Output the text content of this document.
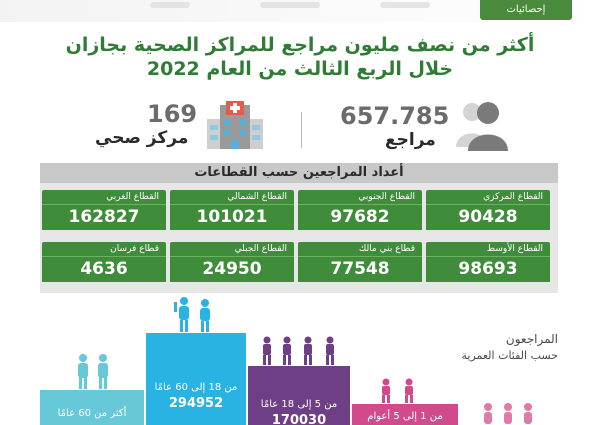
إحصائيات
أكثر من نصف مليون مراجع للمراكز الصحية بجازان
خلال الربع الثالث من العام 2022
657.785
مراجع
169
مركز صحي
أعداد المراجعين حسب القطاعات
القطاع المركزي
90428
القطاع الجنوبي
97682
القطاع الشمالي
101021
القطاع الغربي
162827
القطاع الأوسط
98693
قطاع بني مالك
77548
القطاع الجبلي
24950
قطاع فرسان
4636
المراجعون
حسب الفئات العمرية
أكثر من 60 عامًا
من 18 إلى 60 عامًا
294952	من 5 إلى 18 عامًا
170030	من 1 إلى 5 أعوام
